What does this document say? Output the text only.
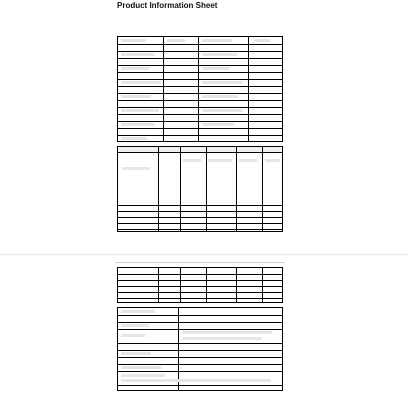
Product Information Sheet
